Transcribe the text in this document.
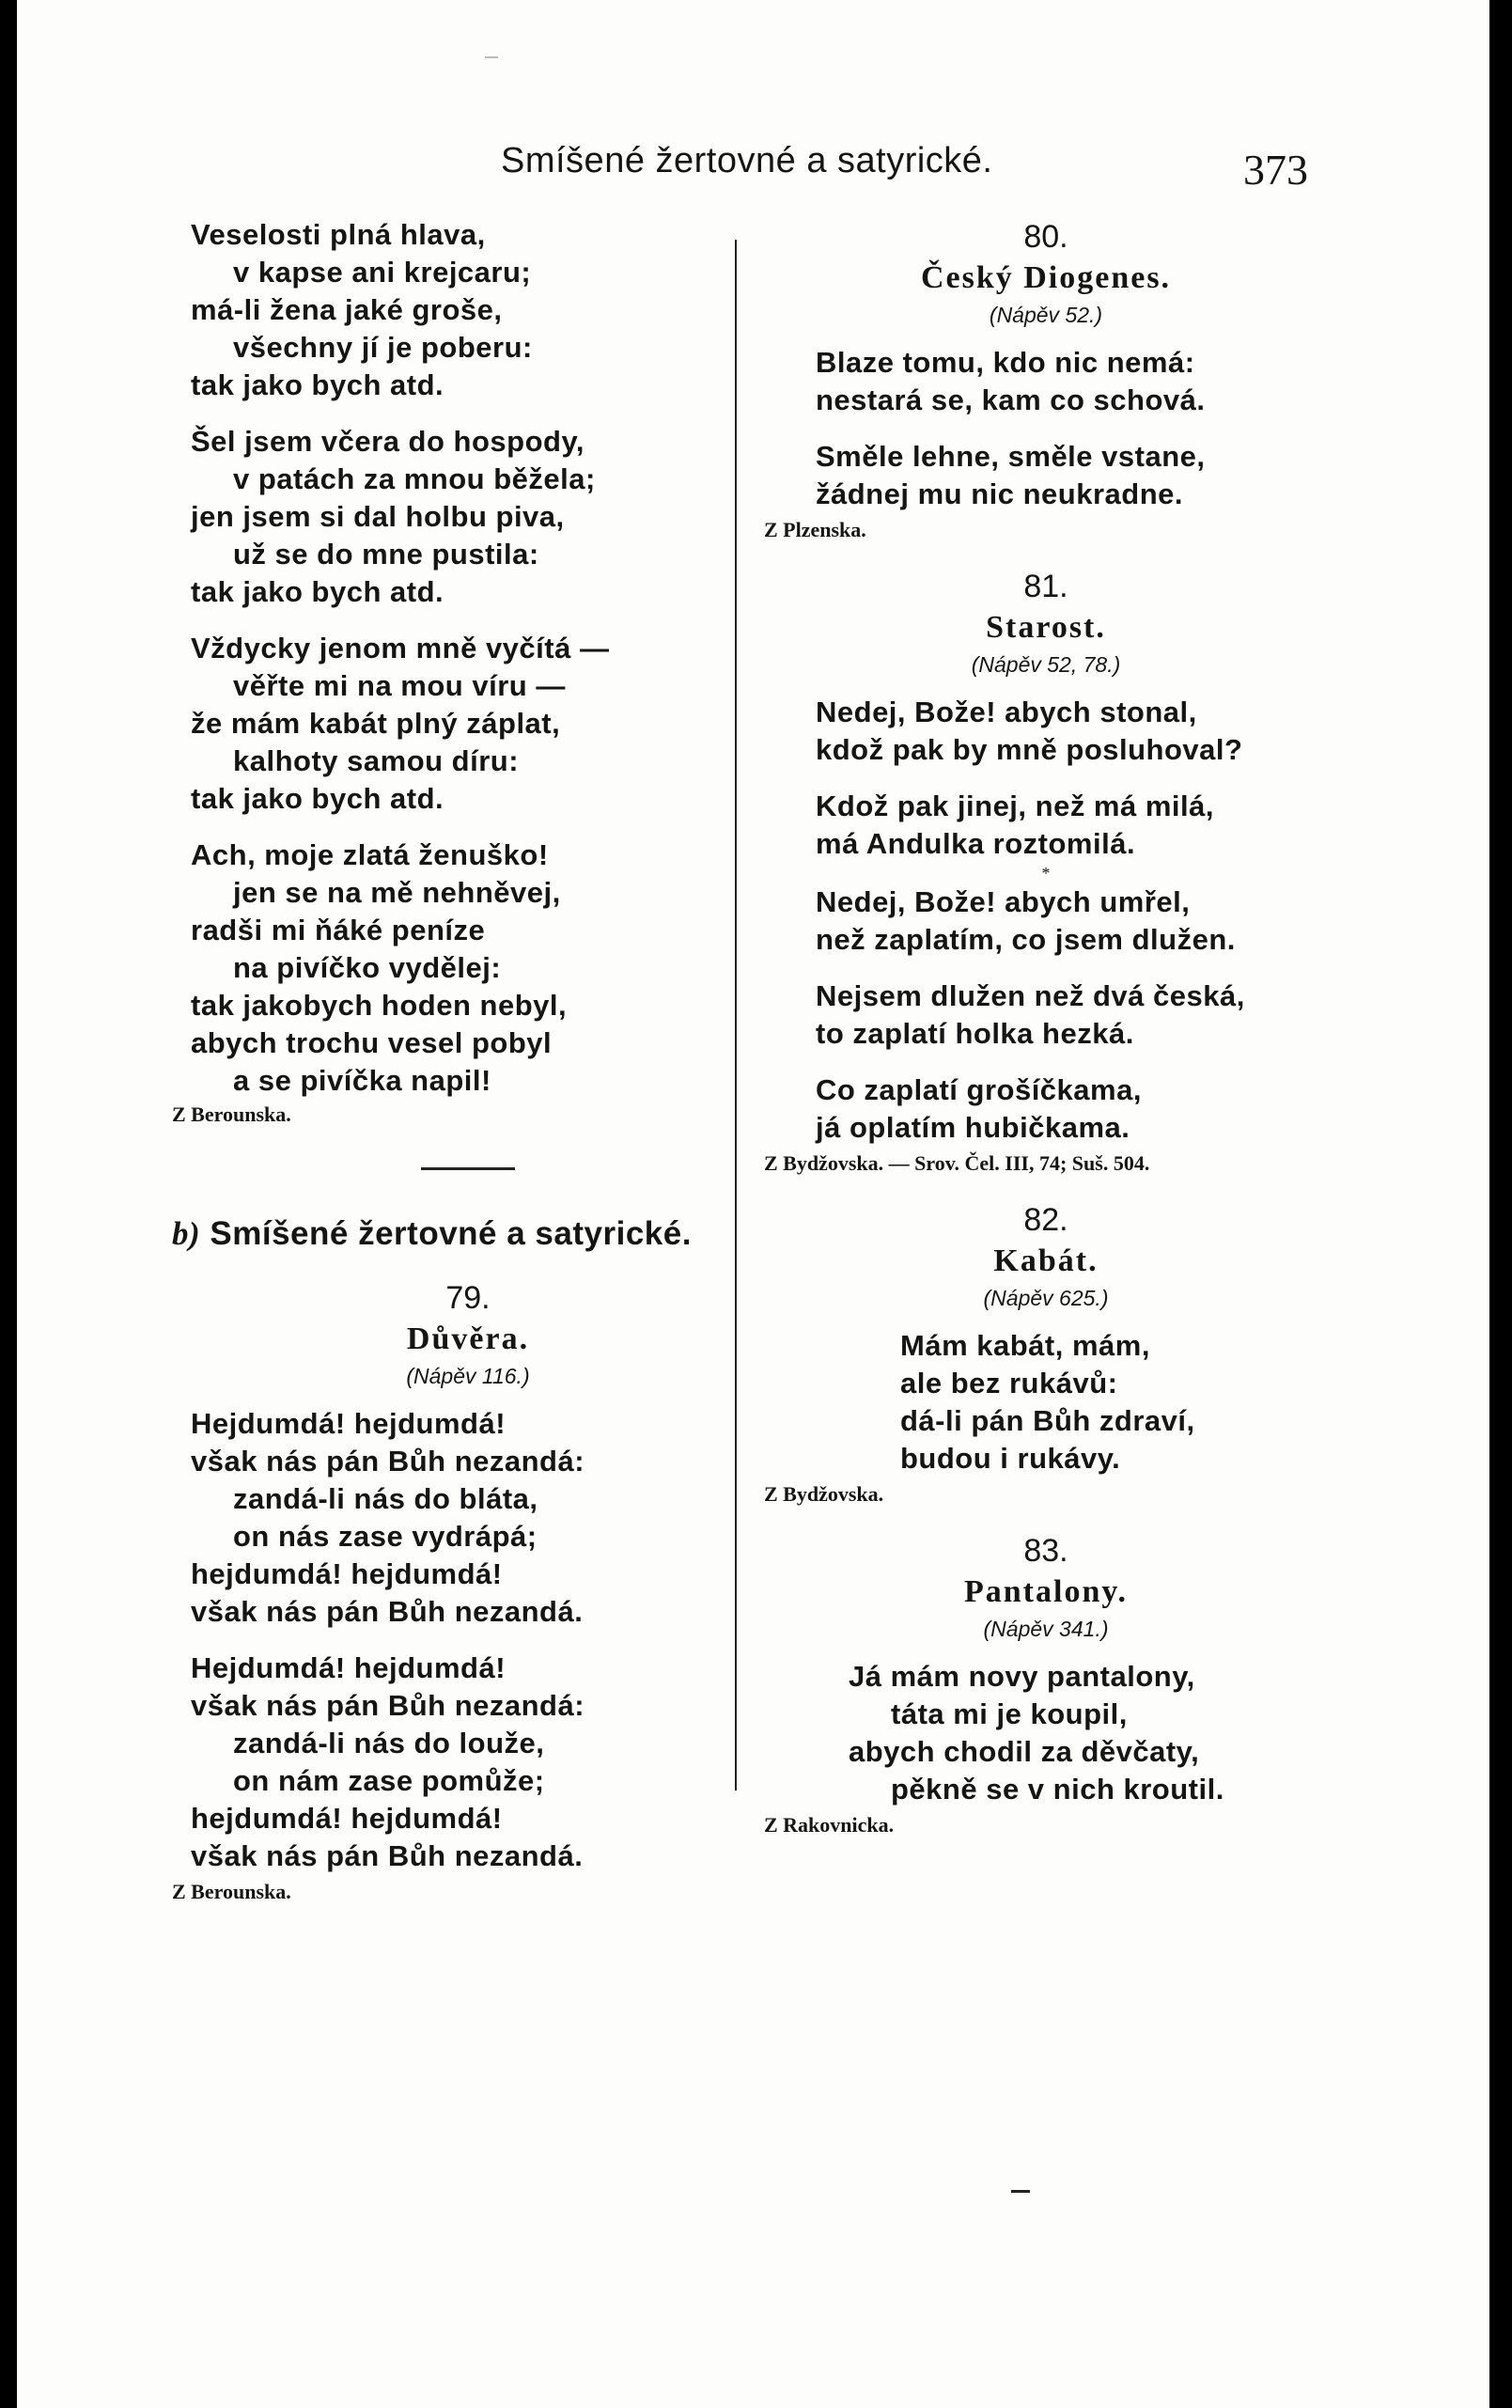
Smíšené žertovné a satyrické.	373
Veselosti plná hlava,
v kapse ani krejcaru;
má-li žena jaké groše,
všechny jí je poberu:
tak jako bych atd.
Šel jsem včera do hospody,
v patách za mnou běžela;
jen jsem si dal holbu piva,
už se do mne pustila:
tak jako bych atd.
Vždycky jenom mně vyčítá —
věřte mi na mou víru —
že mám kabát plný záplat,
kalhoty samou díru:
tak jako bych atd.
Ach, moje zlatá ženuško!
jen se na mě nehněvej,
radši mi ňáké peníze
na pivíčko vydělej:
tak jakobych hoden nebyl,
abych trochu vesel pobyl
a se pivíčka napil!
Z Berounska.
b) Smíšené žertovné a satyrické.
79.
Důvěra.
(Nápěv 116.)
Hejdumdá! hejdumdá!
však nás pán Bůh nezandá:
zandá-li nás do bláta,
on nás zase vydrápá;
hejdumdá! hejdumdá!
však nás pán Bůh nezandá.
Hejdumdá! hejdumdá!
však nás pán Bůh nezandá:
zandá-li nás do louže,
on nám zase pomůže;
hejdumdá! hejdumdá!
však nás pán Bůh nezandá.
Z Berounska.
80.
Český Diogenes.
(Nápěv 52.)
Blaze tomu, kdo nic nemá:
nestará se, kam co schová.
Směle lehne, směle vstane,
žádnej mu nic neukradne.
Z Plzenska.
81.
Starost.
(Nápěv 52, 78.)
Nedej, Bože! abych stonal,
kdož pak by mně posluhoval?
Kdož pak jinej, než má milá,
má Andulka roztomilá.
*
Nedej, Bože! abych umřel,
než zaplatím, co jsem dlužen.
Nejsem dlužen než dvá česká,
to zaplatí holka hezká.
Co zaplatí grošíčkama,
já oplatím hubičkama.
Z Bydžovska. — Srov. Čel. III, 74; Suš. 504.
82.
Kabát.
(Nápěv 625.)
Mám kabát, mám,
ale bez rukávů:
dá-li pán Bůh zdraví,
budou i rukávy.
Z Bydžovska.
83.
Pantalony.
(Nápěv 341.)
Já mám novy pantalony,
táta mi je koupil,
abych chodil za děvčaty,
pěkně se v nich kroutil.
Z Rakovnicka.
